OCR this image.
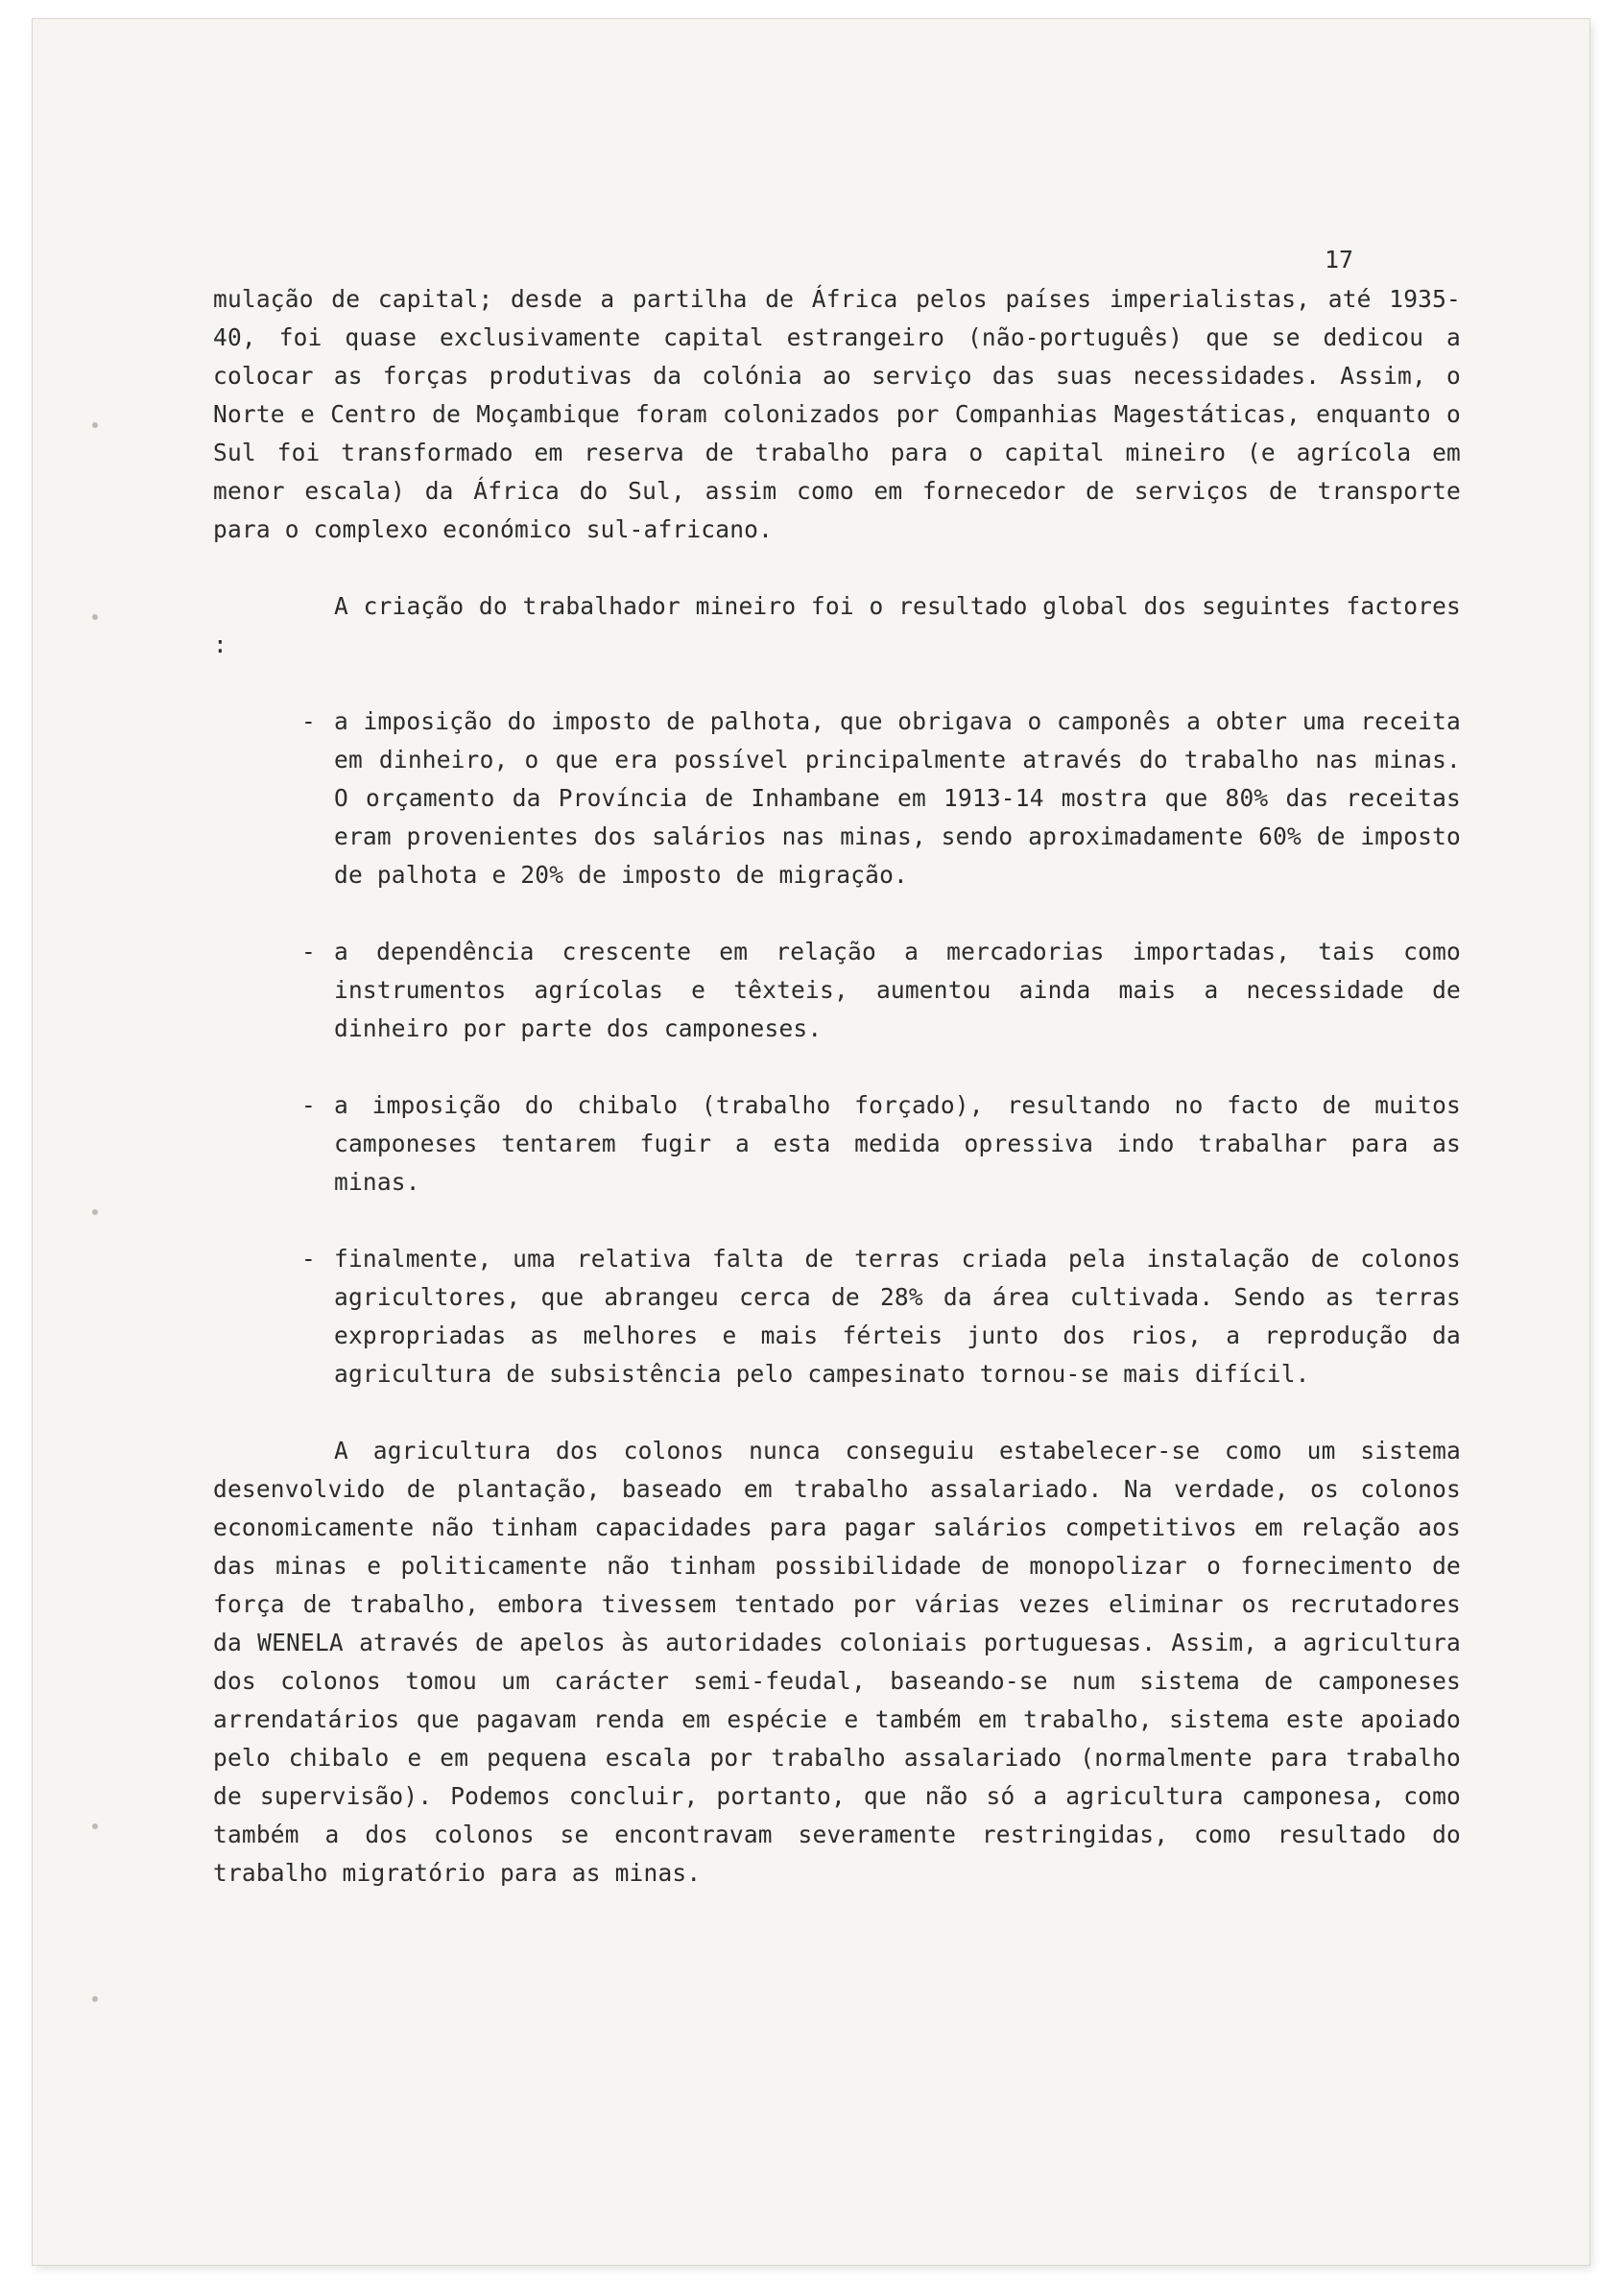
17

mulação de capital; desde a partilha de África pelos países imperialistas, até 1935-40, foi quase exclusivamente capital estrangeiro (não-português) que se dedicou a colocar as forças produtivas da colónia ao serviço das suas necessidades. Assim, o Norte e Centro de Moçambique foram colonizados por Companhias Magestáticas, enquanto o Sul foi transformado em reserva de trabalho para o capital mineiro (e agrícola em menor escala) da África do Sul, assim como em fornecedor de serviços de transporte para o complexo económico sul-africano.

A criação do trabalhador mineiro foi o resultado global dos seguintes factores :

- a imposição do imposto de palhota, que obrigava o camponês a obter uma receita em dinheiro, o que era possível principalmente através do trabalho nas minas. O orçamento da Província de Inhambane em 1913-14 mostra que 80% das receitas eram provenientes dos salários nas minas, sendo aproximadamente 60% de imposto de palhota e 20% de imposto de migração.
- a dependência crescente em relação a mercadorias importadas, tais como instrumentos agrícolas e têxteis, aumentou ainda mais a necessidade de dinheiro por parte dos camponeses.
- a imposição do chibalo (trabalho forçado), resultando no facto de muitos camponeses tentarem fugir a esta medida opressiva indo trabalhar para as minas.
- finalmente, uma relativa falta de terras criada pela instalação de colonos agricultores, que abrangeu cerca de 28% da área cultivada. Sendo as terras expropriadas as melhores e mais férteis junto dos rios, a reprodução da agricultura de subsistência pelo campesinato tornou-se mais difícil.

A agricultura dos colonos nunca conseguiu estabelecer-se como um sistema desenvolvido de plantação, baseado em trabalho assalariado. Na verdade, os colonos economicamente não tinham capacidades para pagar salários competitivos em relação aos das minas e politicamente não tinham possibilidade de monopolizar o fornecimento de força de trabalho, embora tivessem tentado por várias vezes eliminar os recrutadores da WENELA através de apelos às autoridades coloniais portuguesas. Assim, a agricultura dos colonos tomou um carácter semi-feudal, baseando-se num sistema de camponeses arrendatários que pagavam renda em espécie e também em trabalho, sistema este apoiado pelo chibalo e em pequena escala por trabalho assalariado (normalmente para trabalho de supervisão). Podemos concluir, portanto, que não só a agricultura camponesa, como também a dos colonos se encontravam severamente restringidas, como resultado do trabalho migratório para as minas.
